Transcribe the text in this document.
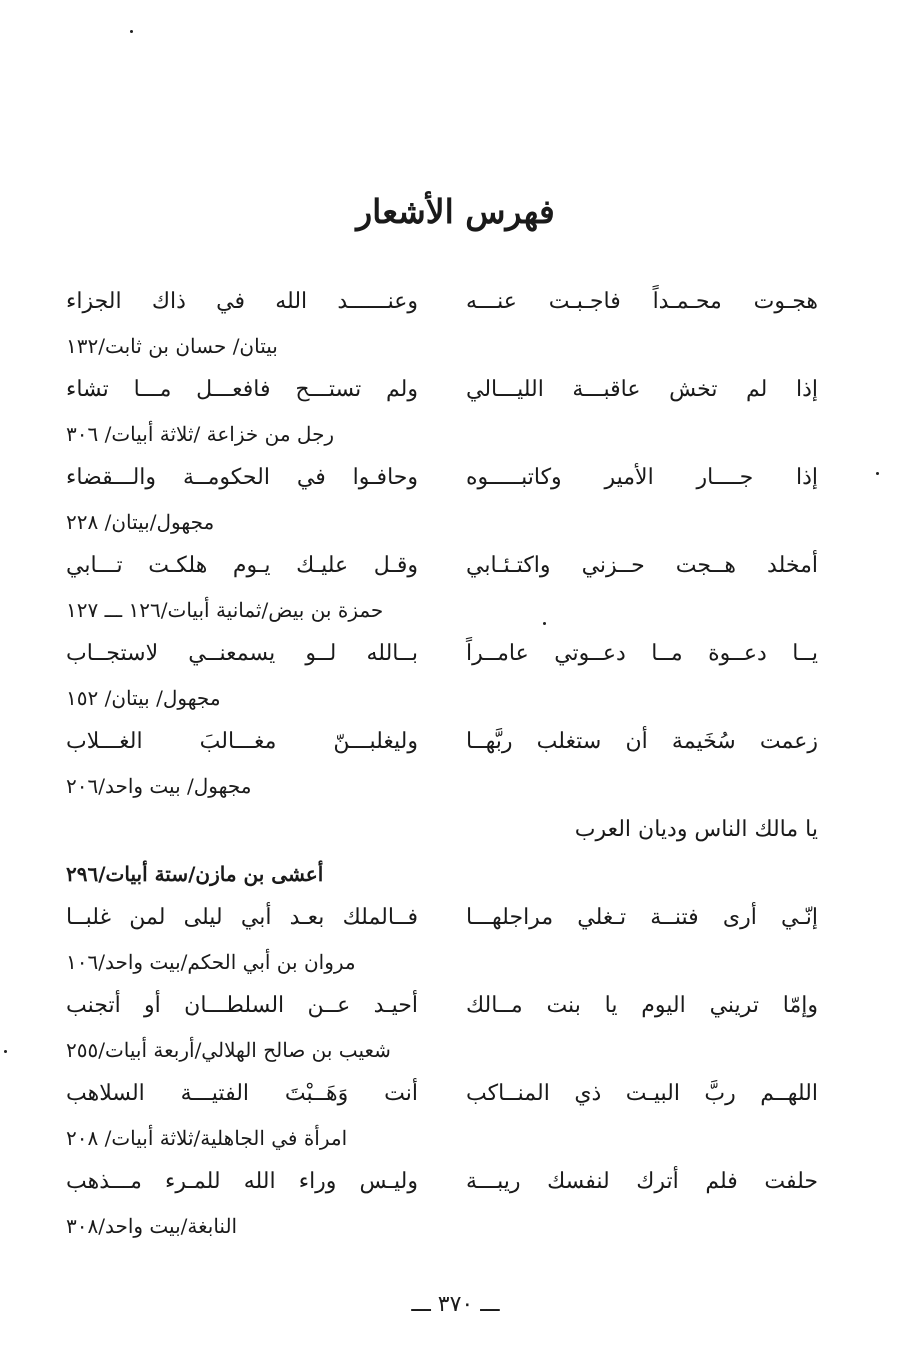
فهرس الأشعار
هجـوت محـمـداً فاجـبـت عنـــه
وعنــــــد الله في ذاك الجزاء
بيتان/ حسان بن ثابت/١٣٢
إذا لم تخش عاقبـــة الليـــالي
ولم تستـــح فافعـــل مـــا تشاء
رجل من خزاعة /ثلاثة أبيات/ ٣٠٦
إذا جــــار الأمير وكاتبـــــوه
وحافـوا في الحكومــة والـــقضاء
مجهول/بيتان/ ٢٢٨
أمخلد هــجت حــزني واكتـئـابي
وقـل عليـك يـوم هلكـت تـــابي
حمزة بن بيض/ثمانية أبيات/١٢٦ ـــ ١٢٧
يــا دعــوة مــا دعــوتي عامــراً
بــالله لــو يسمعنــي لاستجــاب
مجهول/ بيتان/ ١٥٢
زعمت سُخَيمة أن ستغلب ربَّهــا
وليغلبـــنّ مغـــالبَ الغـــلاب
مجهول/ بيت واحد/٢٠٦
يا مالك الناس وديان العرب
أعشى بن مازن/ستة أبيات/٢٩٦
إنّـي أرى فتنــة تـغلي مراجلهـــا
فــالملك بعـد أبي ليلى لمن غلبــا
مروان بن أبي الحكم/بيت واحد/١٠٦
وإمّا تريني اليوم يا بنت مــالك
أحيـد عــن السلطـــان أو أتجنب
شعيب بن صالح الهلالي/أربعة أبيات/٢٥٥
اللهــم ربَّ البيـت ذي المنــاكب
أنت وَهَــبْتَ الفتيـــة السلاهب
امرأة في الجاهلية/ثلاثة أبيات/ ٢٠٨
حلفت فلم أترك لنفسك ريبـــة
وليـس وراء الله للمـرء مـــذهب
النابغة/بيت واحد/٣٠٨
ـــ ٣٧٠ ـــ
